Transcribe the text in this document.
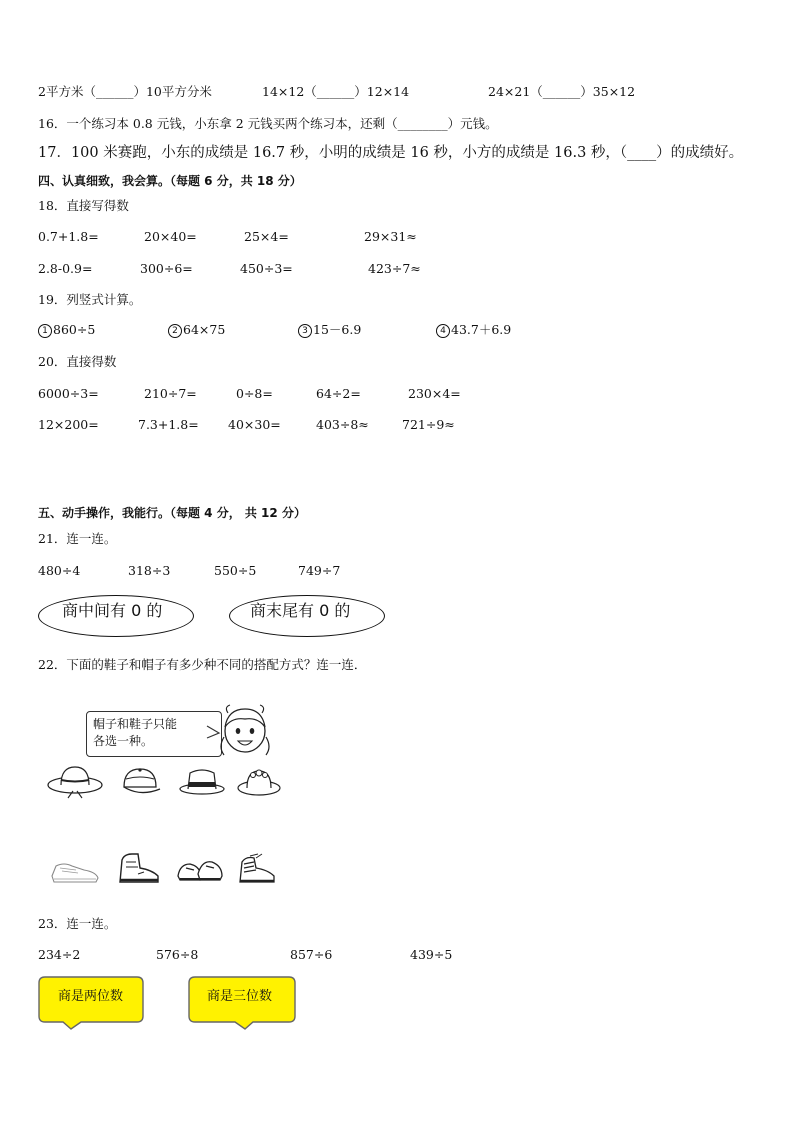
2平方米（______）10平方分米	14×12（______）12×14	24×21（______）35×12
16．一个练习本 0.8 元钱，小东拿 2 元钱买两个练习本，还剩（________）元钱。
17．100 米赛跑，小东的成绩是 16.7 秒，小明的成绩是 16 秒，小方的成绩是 16.3 秒，（____）的成绩好。
四、认真细致，我会算。（每题 6 分，共 18 分）
18．直接写得数
0.7+1.8=	20×40=	25×4=	29×31≈
2.8-0.9=	300÷6=	450÷3=	423÷7≈
19．列竖式计算。
1 860÷5	2 64×75	3 15－6.9	4 43.7＋6.9
20．直接得数
6000÷3=	210÷7=	0÷8=	64÷2=	230×4=
12×200=	7.3+1.8= 40×30=	403÷8≈	721÷9≈
五、动手操作，我能行。（每题 4 分， 共 12 分）
21．连一连。
480÷4	318÷3	550÷5	749÷7
商中间有 0 的	商末尾有 0 的
22．下面的鞋子和帽子有多少种不同的搭配方式？连一连．
帽子和鞋子只能
各选一种。
23．连一连。
234÷2	576÷8	857÷6	439÷5
商是两位数	商是三位数
